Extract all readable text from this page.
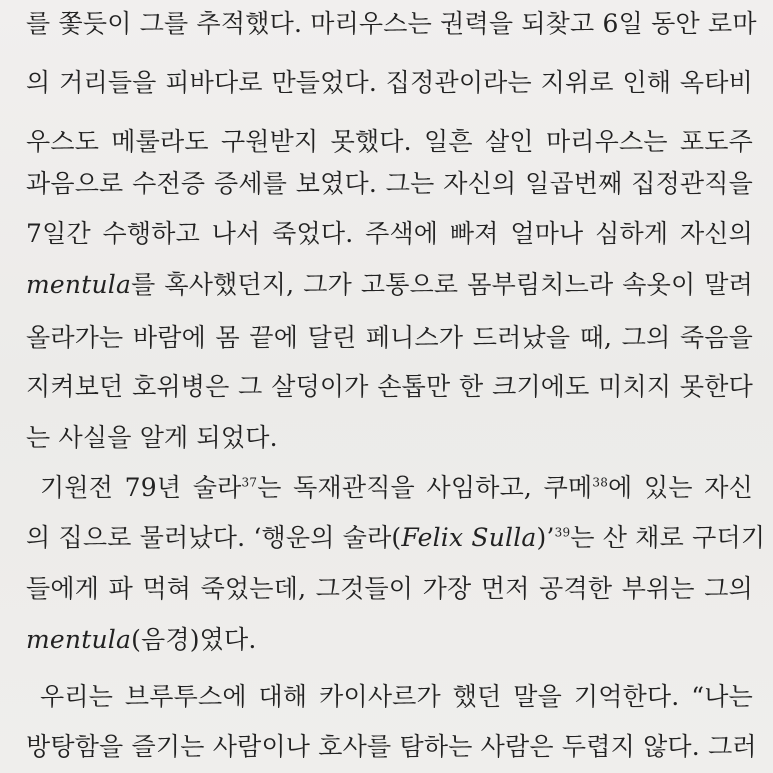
를 쫓듯이 그를 추적했다. 마리우스는 권력을 되찾고 6일 동안 로마
의 거리들을 피바다로 만들었다. 집정관이라는 지위로 인해 옥타비
우스도 메룰라도 구원받지 못했다. 일흔 살인 마리우스는 포도주
과음으로 수전증 증세를 보였다. 그는 자신의 일곱번째 집정관직을
7일간 수행하고 나서 죽었다. 주색에 빠져 얼마나 심하게 자신의
mentula를 혹사했던지, 그가 고통으로 몸부림치느라 속옷이 말려
올라가는 바람에 몸 끝에 달린 페니스가 드러났을 때, 그의 죽음을
지켜보던 호위병은 그 살덩이가 손톱만 한 크기에도 미치지 못한다
는 사실을 알게 되었다.
기원전 79년 술라$^{37}$는 독재관직을 사임하고, 쿠메$^{38}$에 있는 자신
의 집으로 물러났다. ‘행운의 술라(Felix Sulla)’$^{39}$는 산 채로 구더기
들에게 파 먹혀 죽었는데, 그것들이 가장 먼저 공격한 부위는 그의
mentula(음경)였다.
우리는 브루투스에 대해 카이사르가 했던 말을 기억한다. “나는
방탕함을 즐기는 사람이나 호사를 탐하는 사람은 두렵지 않다. 그러
